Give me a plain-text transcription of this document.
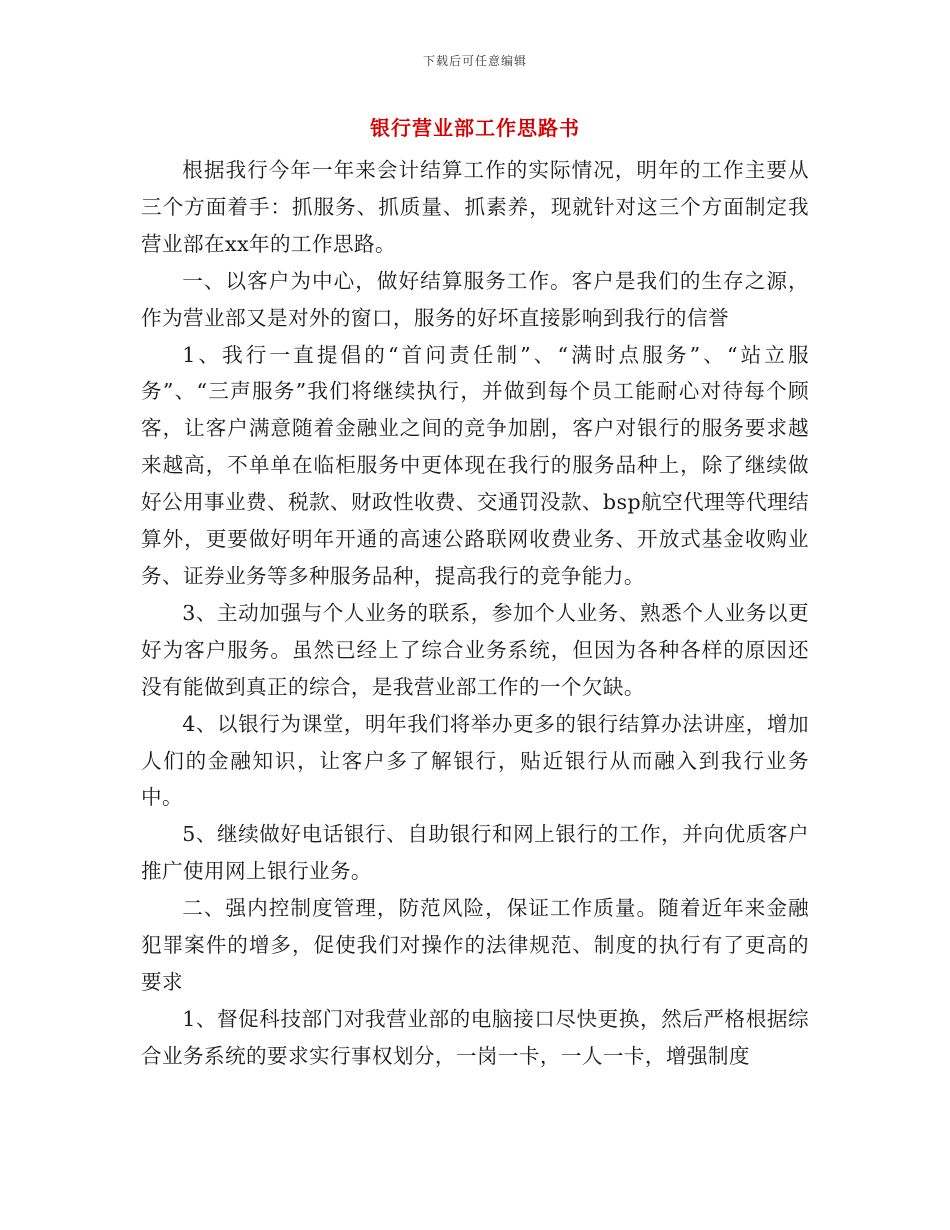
下载后可任意编辑
银行营业部工作思路书

根据我行今年一年来会计结算工作的实际情况，明年的工作主要从三个方面着手：抓服务、抓质量、抓素养，现就针对这三个方面制定我营业部在xx年的工作思路。

一、以客户为中心，做好结算服务工作。客户是我们的生存之源，作为营业部又是对外的窗口，服务的好坏直接影响到我行的信誉

1、我行一直提倡的“首问责任制”、“满时点服务”、“站立服务”、“三声服务”我们将继续执行，并做到每个员工能耐心对待每个顾客，让客户满意随着金融业之间的竞争加剧，客户对银行的服务要求越来越高，不单单在临柜服务中更体现在我行的服务品种上，除了继续做好公用事业费、税款、财政性收费、交通罚没款、bsp航空代理等代理结算外，更要做好明年开通的高速公路联网收费业务、开放式基金收购业务、证券业务等多种服务品种，提高我行的竞争能力。

3、主动加强与个人业务的联系，参加个人业务、熟悉个人业务以更好为客户服务。虽然已经上了综合业务系统，但因为各种各样的原因还没有能做到真正的综合，是我营业部工作的一个欠缺。

4、以银行为课堂，明年我们将举办更多的银行结算办法讲座，增加人们的金融知识，让客户多了解银行，贴近银行从而融入到我行业务中。

5、继续做好电话银行、自助银行和网上银行的工作，并向优质客户推广使用网上银行业务。

二、强内控制度管理，防范风险，保证工作质量。随着近年来金融犯罪案件的增多，促使我们对操作的法律规范、制度的执行有了更高的要求

1、督促科技部门对我营业部的电脑接口尽快更换，然后严格根据综合业务系统的要求实行事权划分，一岗一卡，一人一卡，增强制度
